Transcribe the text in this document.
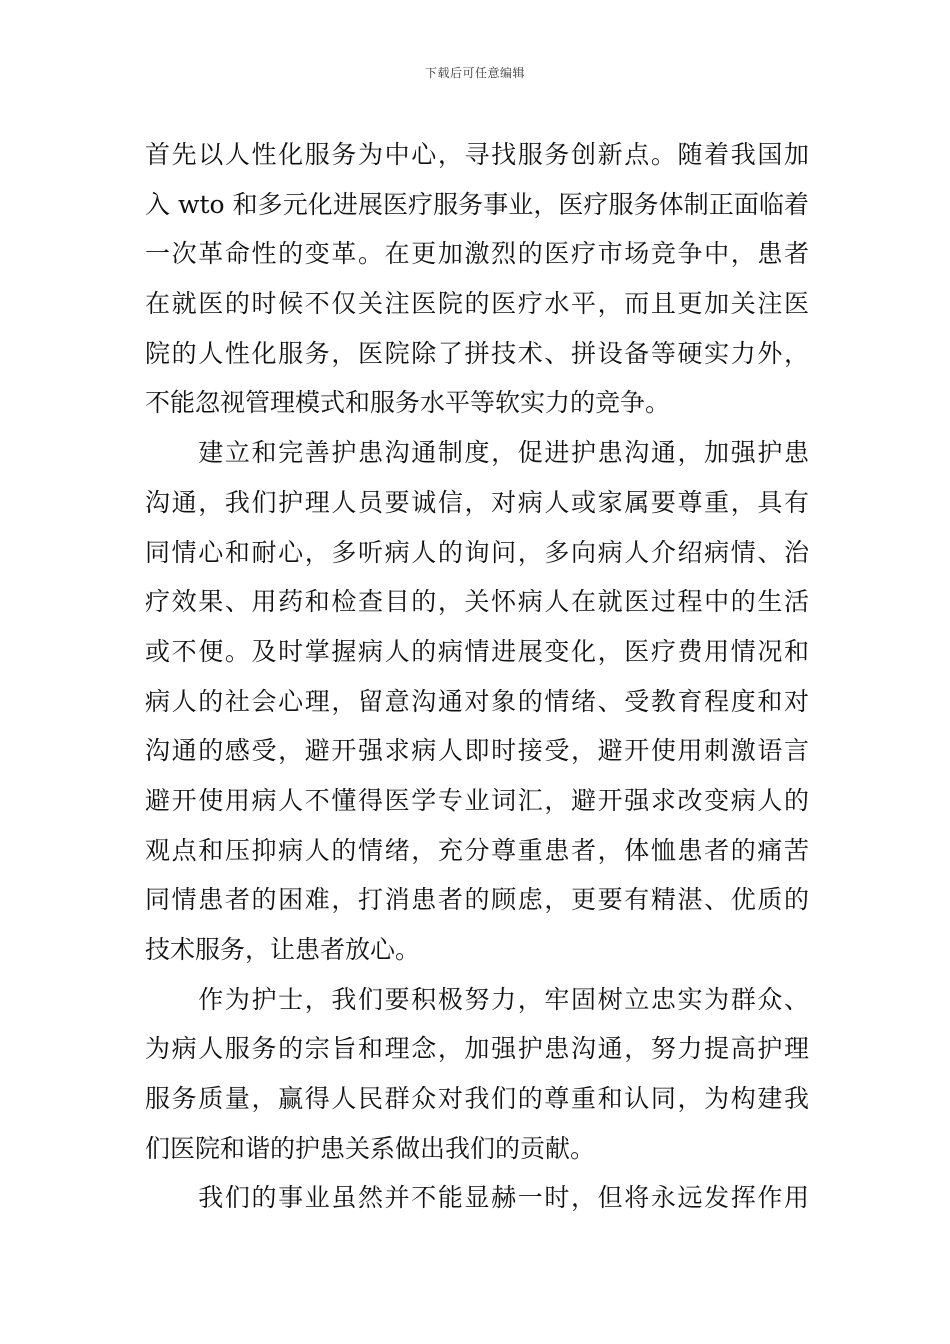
下载后可任意编辑
首先以人性化服务为中心，寻找服务创新点。随着我国加
入 wto 和多元化进展医疗服务事业，医疗服务体制正面临着
一次革命性的变革。在更加激烈的医疗市场竞争中，患者
在就医的时候不仅关注医院的医疗水平，而且更加关注医
院的人性化服务，医院除了拼技术、拼设备等硬实力外，
不能忽视管理模式和服务水平等软实力的竞争。
　　建立和完善护患沟通制度，促进护患沟通，加强护患
沟通，我们护理人员要诚信，对病人或家属要尊重，具有
同情心和耐心，多听病人的询问，多向病人介绍病情、治
疗效果、用药和检查目的，关怀病人在就医过程中的生活
或不便。及时掌握病人的病情进展变化，医疗费用情况和
病人的社会心理，留意沟通对象的情绪、受教育程度和对
沟通的感受，避开强求病人即时接受，避开使用刺激语言
避开使用病人不懂得医学专业词汇，避开强求改变病人的
观点和压抑病人的情绪，充分尊重患者，体恤患者的痛苦
同情患者的困难，打消患者的顾虑，更要有精湛、优质的
技术服务，让患者放心。
　　作为护士，我们要积极努力，牢固树立忠实为群众、
为病人服务的宗旨和理念，加强护患沟通，努力提高护理
服务质量，赢得人民群众对我们的尊重和认同，为构建我
们医院和谐的护患关系做出我们的贡献。
　　我们的事业虽然并不能显赫一时，但将永远发挥作用
